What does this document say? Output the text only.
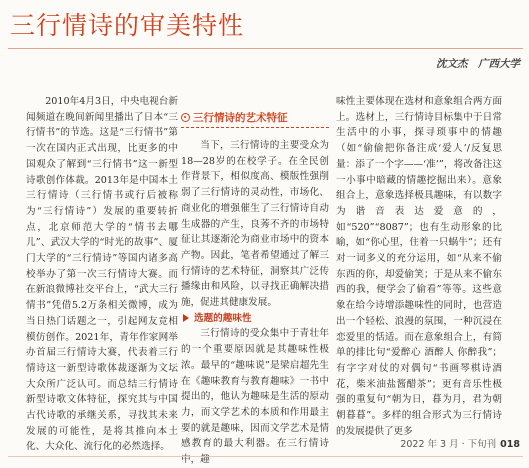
三行情诗的审美特性
沈文杰　广西大学

2010年4月3日，中央电视台新闻频道在晚间新闻里播出了日本“三行情书”的节选。这是“三行情书”第一次在国内正式出现，比更多的中国观众了解到“三行情书”这一新型诗歌创作体裁。2013年是中国本土三行情诗（三行情书或行后被称为“三行情诗”）发展的重要转折点，北京师范大学的“情书去哪儿”、武汉大学的“时光的故事”、厦门大学的“三行情诗”等国内诸多高校举办了第一次三行情诗大赛。而在新浪微博社交平台上，“武大三行情书”凭借5.2万条相关微博，成为当日热门话题之一，引起网友竞相模仿创作。2021年，青年作家网举办首届三行情诗大赛，代表着三行情诗这一新型诗歌体裁逐渐为文坛大众所广泛认可。而总结三行情诗新型诗歌文体特征，探究其与中国古代诗歌的承继关系，寻找其未来发展的可能性，是将其推向本土化、大众化、流行化的必然选择。

三行情诗的艺术特征

当下，三行情诗的主要受众为18—28岁的在校学子。在全民创作背景下，相似度高、模版性强削弱了三行情诗的灵动性，市场化、商业化的增强催生了三行情诗自动生成器的产生，良莠不齐的市场特征让其逐渐沦为商业市场中的资本产物。因此，笔者希望通过了解三行情诗的艺术特征，洞察其广泛传播缘由和风险，以寻找正确解决措施，促进其健康发展。

选题的趣味性

三行情诗的受众集中于青壮年的一个重要原因就是其趣味性极浓。最早的“趣味说”是梁启超先生在《趣味教育与教育趣味》一书中提出的，他认为趣味是生活的原动力，而文学艺术的本质和作用最主要的就是趣味，因而文学艺术是情感教育的最大利器。在三行情诗中，趣

味性主要体现在选材和意象组合两方面上。选材上，三行情诗目标集中于日常生活中的小事，探寻琐事中的情趣（如“偷偷把你备注成‘爱人’/反复思量：添了一个字——‘准’”，将改备注这一小事中暗藏的情趣挖掘出来）。意象组合上，意象选择极具趣味，有以数字为谐音表达爱意的，如“520”“8087”；也有生动形象的比喻，如“你心里，住着一只蜗牛”；还有对一词多义的充分运用，如“从来不偷东西的你，却爱偷笑；于是从来不偷东西的我，便学会了偷看”等等。这些意象在给今诗增添趣味性的同时，也营造出一个轻松、浪漫的氛围，一种沉浸在恋爱里的恬适。而在意象组合上，有简单的排比句“爱醉心 酒醉人 你醉我”；有字字对仗的对偶句“书画琴棋诗酒花，柴米油盐酱醋茶”；更有音乐性极强的重复句“朝为日，暮为月，君为朝朝暮暮”。多样的组合形式为三行情诗的发展提供了更多

2022 年 3 月 · 下旬刊 018
